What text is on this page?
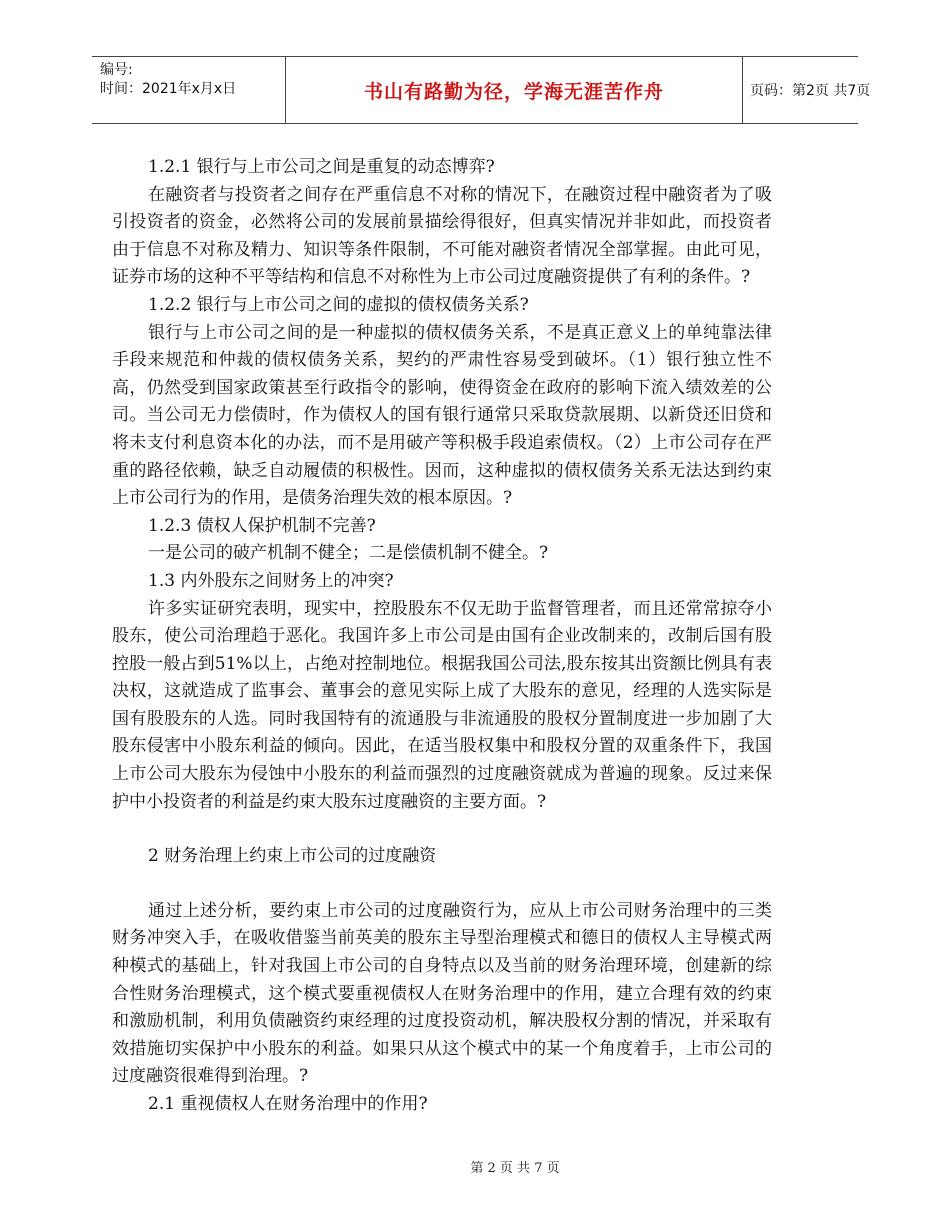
编号:
时间：2021年x月x日	书山有路勤为径，学海无涯苦作舟	页码：第2页 共7页

1.2.1 银行与上市公司之间是重复的动态博弈?

在融资者与投资者之间存在严重信息不对称的情况下，在融资过程中融资者为了吸引投资者的资金，必然将公司的发展前景描绘得很好，但真实情况并非如此，而投资者由于信息不对称及精力、知识等条件限制，不可能对融资者情况全部掌握。由此可见，证券市场的这种不平等结构和信息不对称性为上市公司过度融资提供了有利的条件。?

1.2.2 银行与上市公司之间的虚拟的债权债务关系?

银行与上市公司之间的是一种虚拟的债权债务关系，不是真正意义上的单纯靠法律手段来规范和仲裁的债权债务关系，契约的严肃性容易受到破坏。（1）银行独立性不高，仍然受到国家政策甚至行政指令的影响，使得资金在政府的影响下流入绩效差的公司。当公司无力偿债时，作为债权人的国有银行通常只采取贷款展期、以新贷还旧贷和将未支付利息资本化的办法，而不是用破产等积极手段追索债权。（2）上市公司存在严重的路径依赖，缺乏自动履债的积极性。因而，这种虚拟的债权债务关系无法达到约束上市公司行为的作用，是债务治理失效的根本原因。?

1.2.3 债权人保护机制不完善?

一是公司的破产机制不健全；二是偿债机制不健全。?

1.3 内外股东之间财务上的冲突?

许多实证研究表明，现实中，控股股东不仅无助于监督管理者，而且还常常掠夺小股东，使公司治理趋于恶化。我国许多上市公司是由国有企业改制来的，改制后国有股控股一般占到51%以上，占绝对控制地位。根据我国公司法,股东按其出资额比例具有表决权，这就造成了监事会、董事会的意见实际上成了大股东的意见，经理的人选实际是国有股股东的人选。同时我国特有的流通股与非流通股的股权分置制度进一步加剧了大股东侵害中小股东利益的倾向。因此，在适当股权集中和股权分置的双重条件下，我国上市公司大股东为侵蚀中小股东的利益而强烈的过度融资就成为普遍的现象。反过来保护中小投资者的利益是约束大股东过度融资的主要方面。?

2 财务治理上约束上市公司的过度融资

通过上述分析，要约束上市公司的过度融资行为，应从上市公司财务治理中的三类财务冲突入手，在吸收借鉴当前英美的股东主导型治理模式和德日的债权人主导模式两种模式的基础上，针对我国上市公司的自身特点以及当前的财务治理环境，创建新的综合性财务治理模式，这个模式要重视债权人在财务治理中的作用，建立合理有效的约束和激励机制，利用负债融资约束经理的过度投资动机，解决股权分割的情况，并采取有效措施切实保护中小股东的利益。如果只从这个模式中的某一个角度着手，上市公司的过度融资很难得到治理。?

2.1 重视债权人在财务治理中的作用?

第 2 页 共 7 页
